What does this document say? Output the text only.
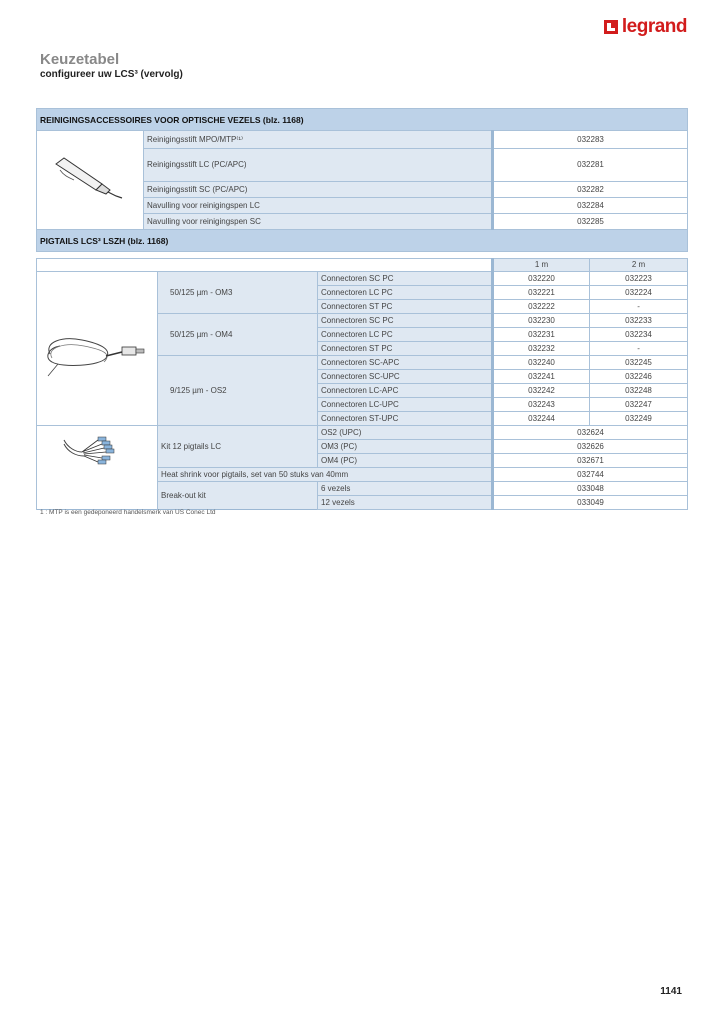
legrand
Keuzetabel
configureer uw LCS³ (vervolg)
REINIGINGSACCESSOIRES VOOR OPTISCHE VEZELS (blz. 1168)		
	Reinigingsstift MPO/MTP⁽¹⁾	032283
	Reinigingsstift LC (PC/APC)	032281
	Reinigingsstift SC (PC/APC)	032282
	Navulling voor reinigingspen LC	032284
	Navulling voor reinigingspen SC	032285
PIGTAILS LCS³ LSZH (blz. 1168)		
			1 m	2 m
	50/125 µm - OM3	Connectoren SC PC	032220	032223
		Connectoren LC PC	032221	032224
		Connectoren ST PC	032222	-
	50/125 µm - OM4	Connectoren SC PC	032230	032233
		Connectoren LC PC	032231	032234
		Connectoren ST PC	032232	-
	9/125 µm - OS2	Connectoren SC-APC	032240	032245
		Connectoren SC-UPC	032241	032246
		Connectoren LC-APC	032242	032248
		Connectoren LC-UPC	032243	032247
		Connectoren ST-UPC	032244	032249
	Kit 12 pigtails LC	OS2 (UPC)	032624	
		OM3 (PC)	032626	
		OM4 (PC)	032671	
	Heat shrink voor pigtails, set van 50 stuks van 40mm		032744	
	Break-out kit	6 vezels	033048	
		12 vezels	033049	
1 : MTP is een gedeponeerd handelsmerk van US Conec Ltd
1141
